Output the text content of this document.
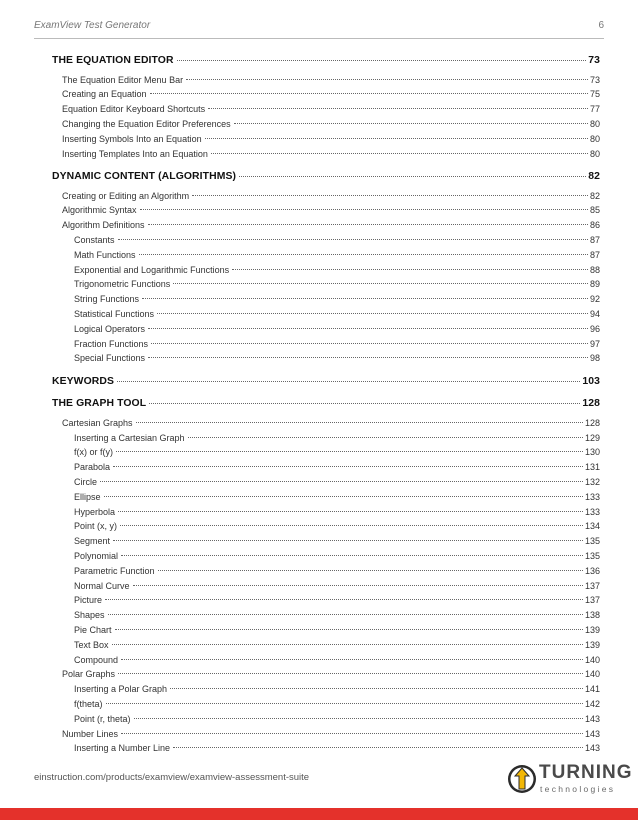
ExamView Test Generator	6
THE EQUATION EDITOR	73
The Equation Editor Menu Bar	73
Creating an Equation	75
Equation Editor Keyboard Shortcuts	77
Changing the Equation Editor Preferences	80
Inserting Symbols Into an Equation	80
Inserting Templates Into an Equation	80
DYNAMIC CONTENT (ALGORITHMS)	82
Creating or Editing an Algorithm	82
Algorithmic Syntax	85
Algorithm Definitions	86
Constants	87
Math Functions	87
Exponential and Logarithmic Functions	88
Trigonometric Functions	89
String Functions	92
Statistical Functions	94
Logical Operators	96
Fraction Functions	97
Special Functions	98
KEYWORDS	103
THE GRAPH TOOL	128
Cartesian Graphs	128
Inserting a Cartesian Graph	129
f(x) or f(y)	130
Parabola	131
Circle	132
Ellipse	133
Hyperbola	133
Point (x, y)	134
Segment	135
Polynomial	135
Parametric Function	136
Normal Curve	137
Picture	137
Shapes	138
Pie Chart	139
Text Box	139
Compound	140
Polar Graphs	140
Inserting a Polar Graph	141
f(theta)	142
Point (r, theta)	143
Number Lines	143
Inserting a Number Line	143
einstruction.com/products/examview/examview-assessment-suite	TURNING
technologies
